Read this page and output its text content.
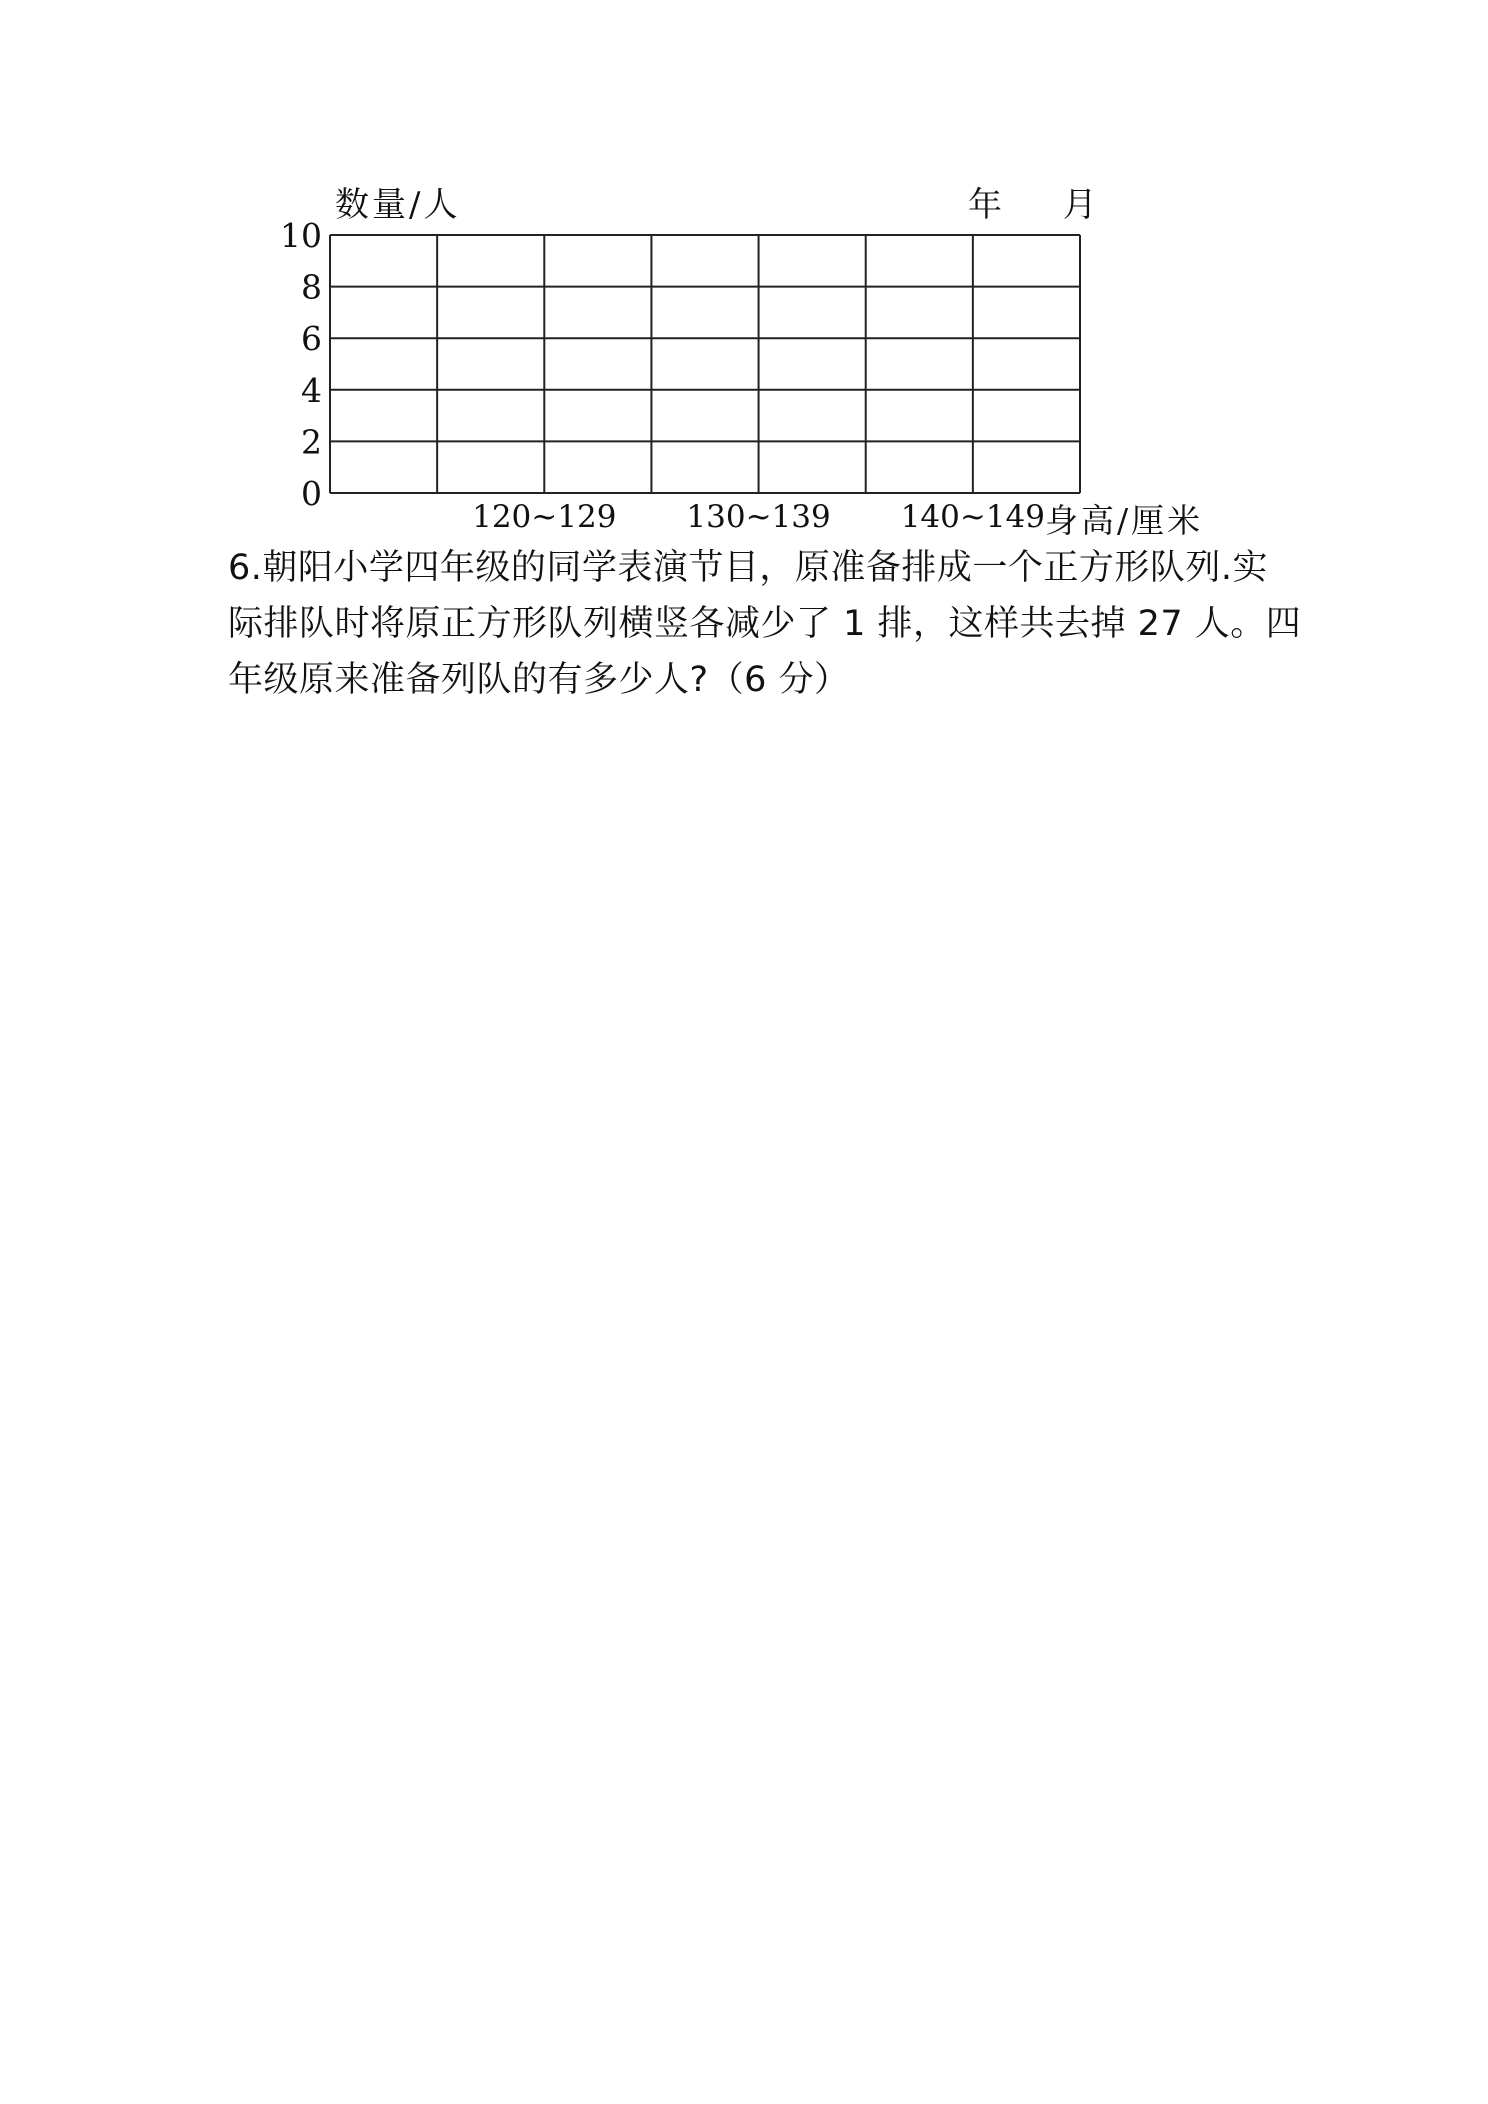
0
2
4
6
8
10
120~129 130~139 140~149
数量/人	年 月
身高/厘米
6.朝阳小学四年级的同学表演节目，原准备排成一个正方形队列.实
际排队时将原正方形队列横竖各减少了 1 排，这样共去掉 27 人。四
年级原来准备列队的有多少人?（6 分）
